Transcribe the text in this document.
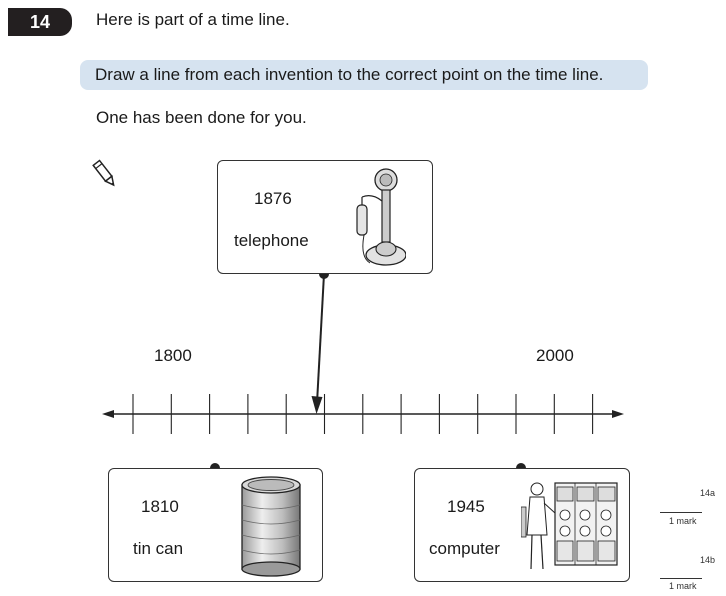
14	Here is part of a time line.
Draw a line from each invention to the correct point on the time line.
One has been done for you.
1800	2000
1876
telephone
1810
tin can
1945
computer
14a
1 mark
14b
1 mark
